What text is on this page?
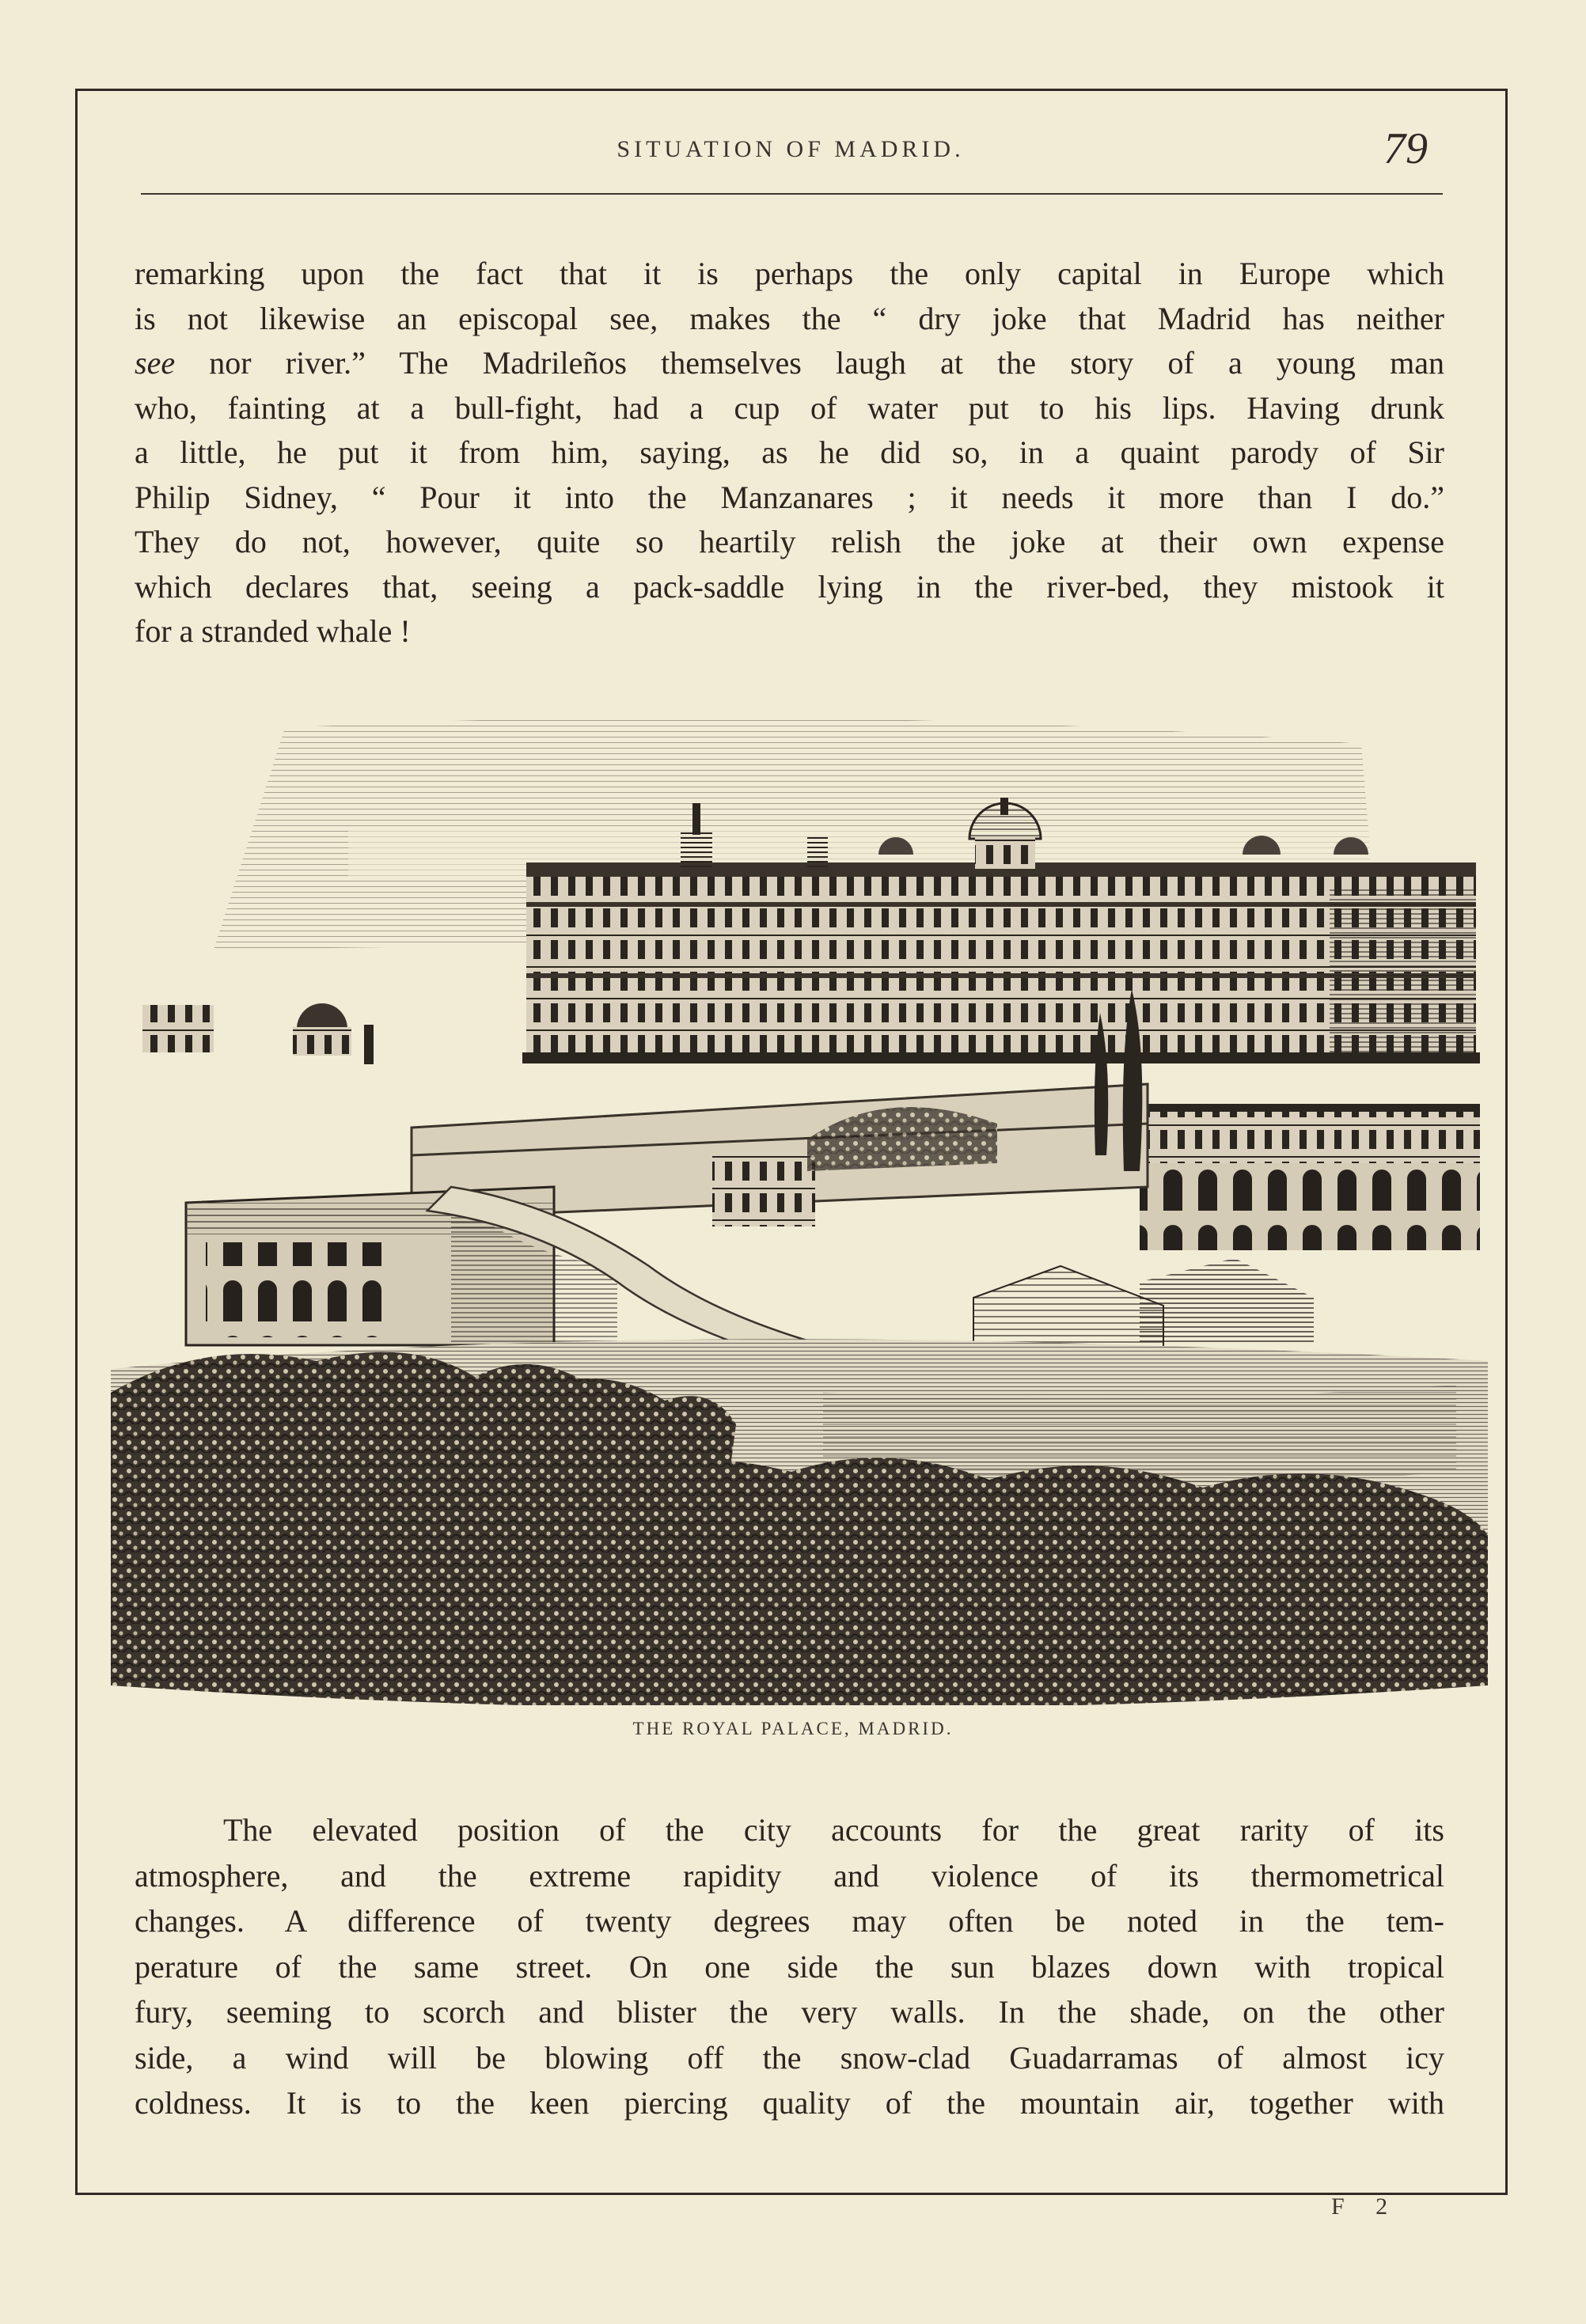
SITUATION OF MADRID.	79
remarking upon the fact that it is perhaps the only capital in Europe which
is not likewise an episcopal see, makes the “ dry joke that Madrid has neither
see nor river.” The Madrileños themselves laugh at the story of a young man
who, fainting at a bull-fight, had a cup of water put to his lips. Having drunk
a little, he put it from him, saying, as he did so, in a quaint parody of Sir
Philip Sidney, “ Pour it into the Manzanares ; it needs it more than I do.”
They do not, however, quite so heartily relish the joke at their own expense
which declares that, seeing a pack-saddle lying in the river-bed, they mistook it
for a stranded whale !
THE ROYAL PALACE, MADRID.
The elevated position of the city accounts for the great rarity of its
atmosphere, and the extreme rapidity and violence of its thermometrical
changes. A difference of twenty degrees may often be noted in the tem-
perature of the same street. On one side the sun blazes down with tropical
fury, seeming to scorch and blister the very walls. In the shade, on the other
side, a wind will be blowing off the snow-clad Guadarramas of almost icy
coldness. It is to the keen piercing quality of the mountain air, together with
F 2
